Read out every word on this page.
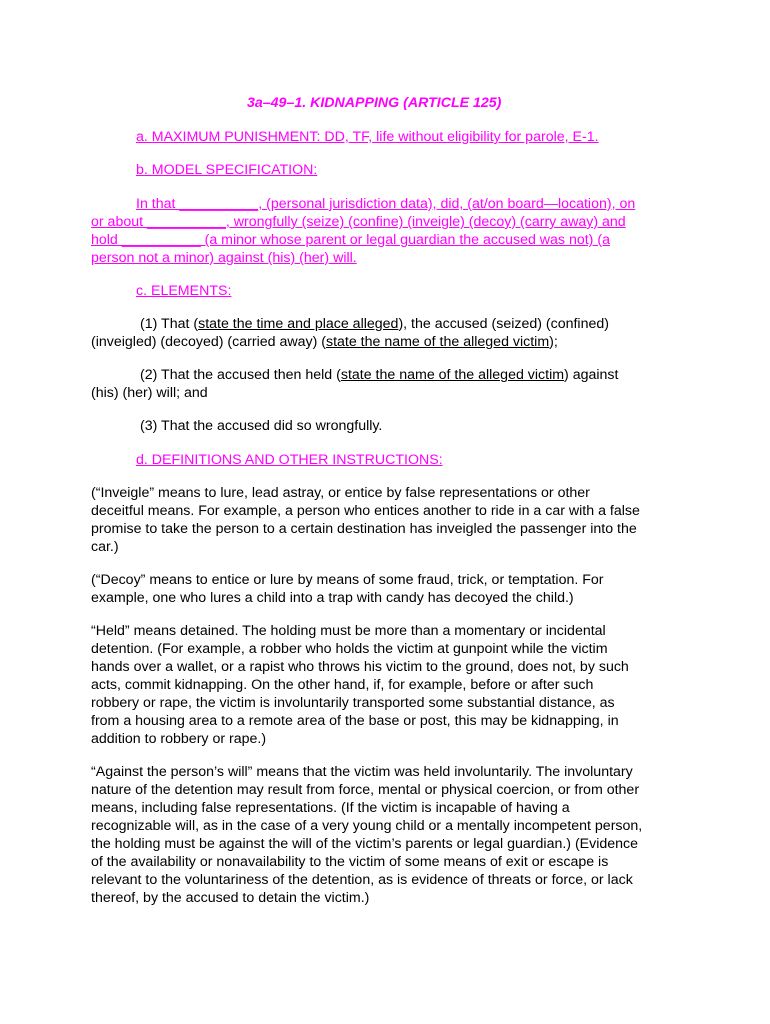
3a–49–1. KIDNAPPING (ARTICLE 125)
a. MAXIMUM PUNISHMENT: DD, TF, life without eligibility for parole, E-1.
b. MODEL SPECIFICATION:
In that __________, (personal jurisdiction data), did, (at/on board—location), on
or about __________, wrongfully (seize) (confine) (inveigle) (decoy) (carry away) and
hold __________ (a minor whose parent or legal guardian the accused was not) (a
person not a minor) against (his) (her) will.
c. ELEMENTS:
(1) That (state the time and place alleged), the accused (seized) (confined)
(inveigled) (decoyed) (carried away) (state the name of the alleged victim);
(2) That the accused then held (state the name of the alleged victim) against
(his) (her) will; and
(3) That the accused did so wrongfully.
d. DEFINITIONS AND OTHER INSTRUCTIONS:
(“Inveigle” means to lure, lead astray, or entice by false representations or other
deceitful means. For example, a person who entices another to ride in a car with a false
promise to take the person to a certain destination has inveigled the passenger into the
car.)
(“Decoy” means to entice or lure by means of some fraud, trick, or temptation. For
example, one who lures a child into a trap with candy has decoyed the child.)
“Held” means detained. The holding must be more than a momentary or incidental
detention. (For example, a robber who holds the victim at gunpoint while the victim
hands over a wallet, or a rapist who throws his victim to the ground, does not, by such
acts, commit kidnapping. On the other hand, if, for example, before or after such
robbery or rape, the victim is involuntarily transported some substantial distance, as
from a housing area to a remote area of the base or post, this may be kidnapping, in
addition to robbery or rape.)
“Against the person’s will” means that the victim was held involuntarily. The involuntary
nature of the detention may result from force, mental or physical coercion, or from other
means, including false representations. (If the victim is incapable of having a
recognizable will, as in the case of a very young child or a mentally incompetent person,
the holding must be against the will of the victim’s parents or legal guardian.) (Evidence
of the availability or nonavailability to the victim of some means of exit or escape is
relevant to the voluntariness of the detention, as is evidence of threats or force, or lack
thereof, by the accused to detain the victim.)
